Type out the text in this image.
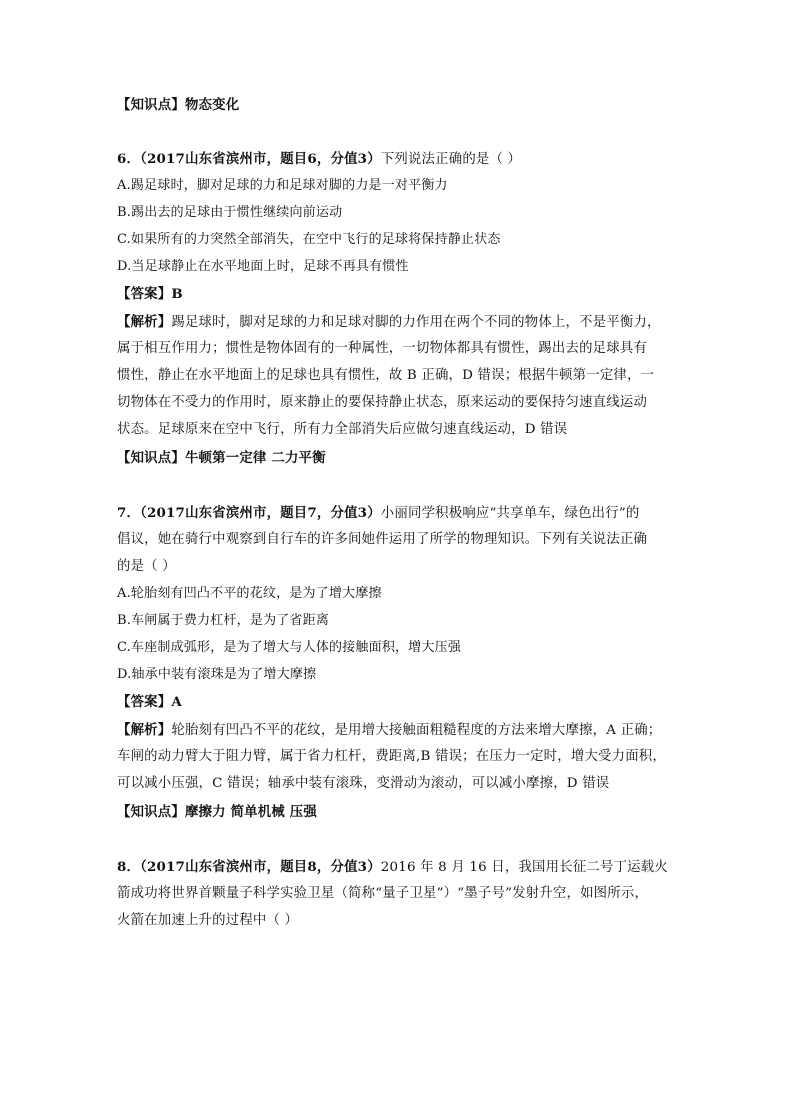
【知识点】物态变化
6．（2017山东省滨州市，题目6，分值3）下列说法正确的是（ ）
A.踢足球时，脚对足球的力和足球对脚的力是一对平衡力
B.踢出去的足球由于惯性继续向前运动
C.如果所有的力突然全部消失，在空中飞行的足球将保持静止状态
D.当足球静止在水平地面上时，足球不再具有惯性
【答案】B
【解析】踢足球时，脚对足球的力和足球对脚的力作用在两个不同的物体上，不是平衡力，
属于相互作用力；惯性是物体固有的一种属性，一切物体都具有惯性，踢出去的足球具有
惯性，静止在水平地面上的足球也具有惯性，故 B 正确，D 错误；根据牛顿第一定律，一
切物体在不受力的作用时，原来静止的要保持静止状态，原来运动的要保持匀速直线运动
状态。足球原来在空中飞行，所有力全部消失后应做匀速直线运动，D 错误
【知识点】牛顿第一定律 二力平衡
7．（2017山东省滨州市，题目7，分值3）小丽同学积极响应“共享单车，绿色出行”的
倡议，她在骑行中观察到自行车的许多间她件运用了所学的物理知识。下列有关说法正确
的是（ ）
A.轮胎刻有凹凸不平的花纹，是为了增大摩擦
B.车闸属于费力杠杆，是为了省距离
C.车座制成弧形，是为了增大与人体的接触面积，增大压强
D.轴承中装有滚珠是为了增大摩擦
【答案】A
【解析】轮胎刻有凹凸不平的花纹，是用增大接触面粗糙程度的方法来增大摩擦，A 正确；
车闸的动力臂大于阻力臂，属于省力杠杆，费距离,B 错误；在压力一定时，增大受力面积，
可以减小压强，C 错误；轴承中装有滚珠，变滑动为滚动，可以减小摩擦，D 错误
【知识点】摩擦力 简单机械 压强
8．（2017山东省滨州市，题目8，分值3）2016 年 8 月 16 日，我国用长征二号丁运载火
箭成功将世界首颗量子科学实验卫星（简称“量子卫星”）“墨子号”发射升空，如图所示，
火箭在加速上升的过程中（ ）
